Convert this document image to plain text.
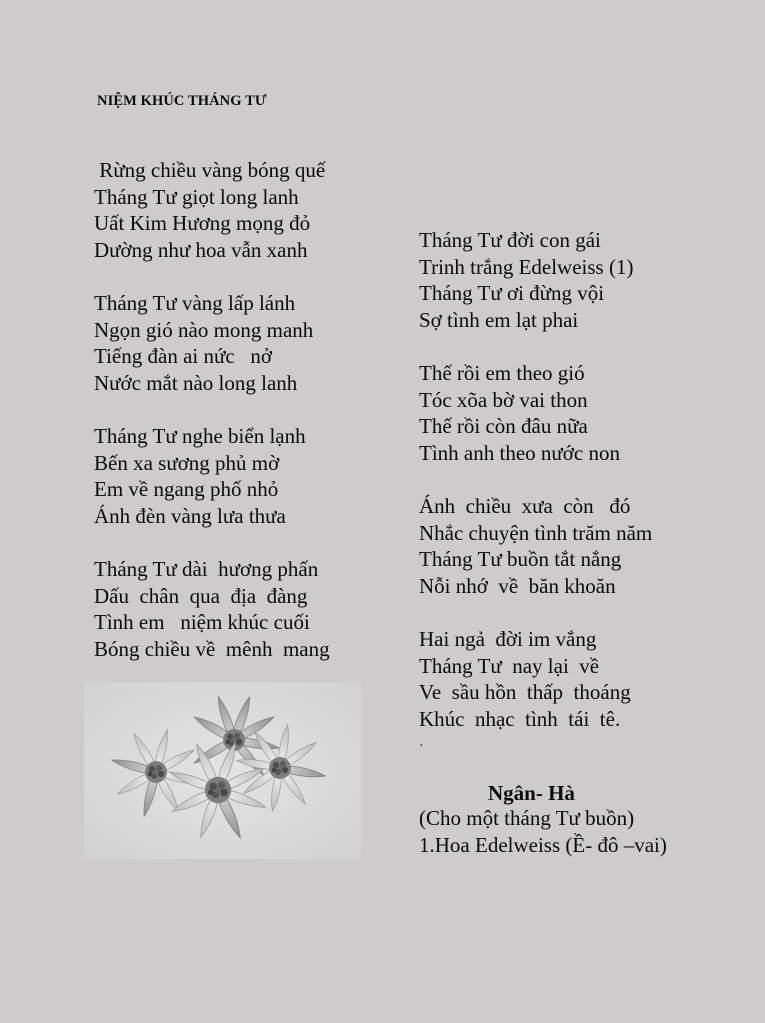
NIỆM KHÚC THÁNG TƯ
Rừng chiều vàng bóng quế
Tháng Tư giọt long lanh
Uất Kim Hương mọng đỏ
Dường như hoa vẫn xanh
Tháng Tư vàng lấp lánh
Ngọn gió nào mong manh
Tiếng đàn ai nức   nở
Nước mắt nào long lanh
Tháng Tư nghe biển lạnh
Bến xa sương phủ mờ
Em về ngang phố nhỏ
Ánh đèn vàng lưa thưa
Tháng Tư dài  hương phấn
Dấu  chân  qua  địa  đàng
Tình em   niệm khúc cuối
Bóng chiều về  mênh  mang
Tháng Tư đời con gái
Trinh trắng Edelweiss (1)
Tháng Tư ơi đừng vội
Sợ tình em lạt phai
Thế rồi em theo gió
Tóc xõa bờ vai thon
Thế rồi còn đâu nữa
Tình anh theo nước non
Ánh  chiều  xưa  còn   đó
Nhắc chuyện tình trăm năm
Tháng Tư buồn tắt nắng
Nỗi nhớ  về  băn khoăn
Hai ngả  đời im vắng
Tháng Tư  nay lại  về
Ve  sầu hồn  thấp  thoáng
Khúc  nhạc  tình  tái  tê.
,
Ngân- Hà
(Cho một tháng Tư buồn)
1.Hoa Edelweiss (Ề- đô –vai)
